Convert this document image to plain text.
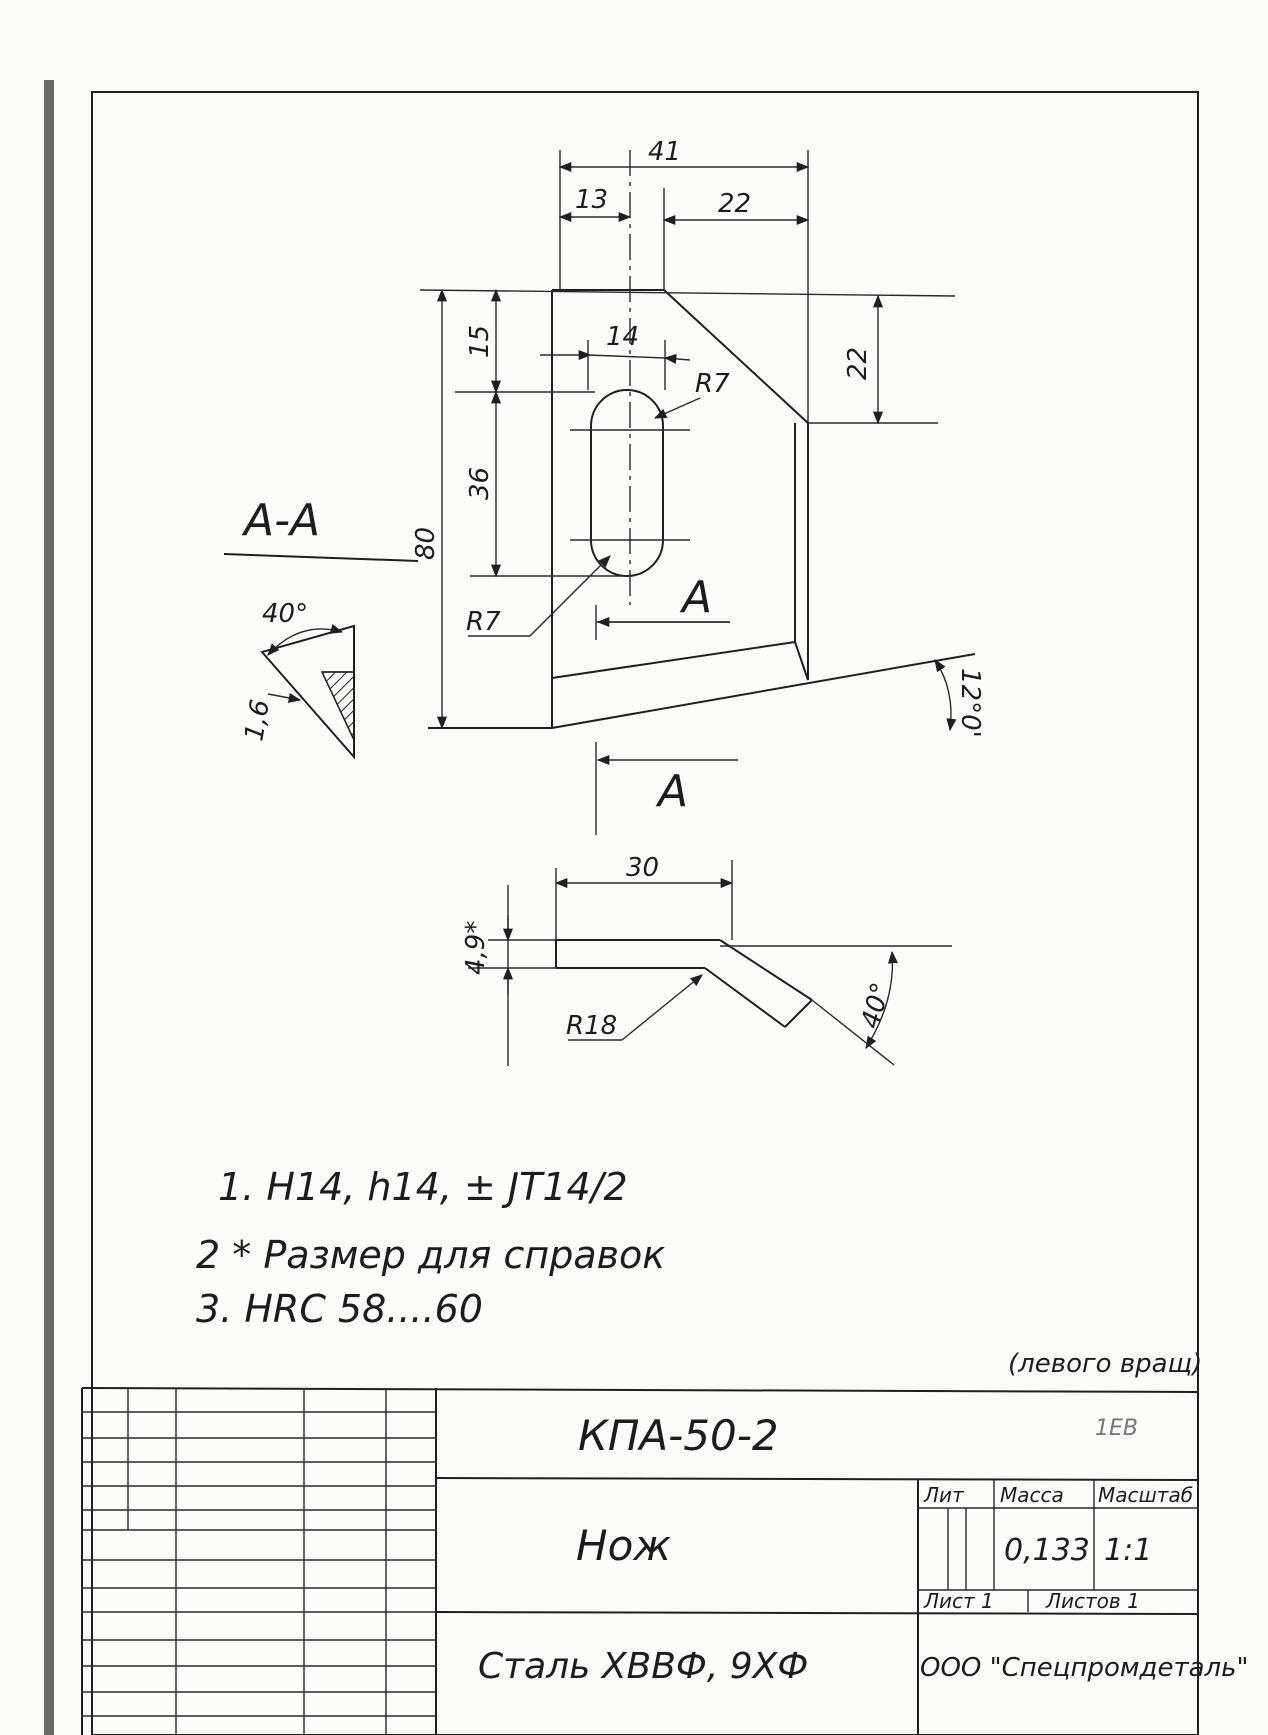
41
13	22
22
14
15
36
80
R7
R7
12°0'
A
A
A-A
40°
1,6
30
4,9*
R18	40°
1. H14, h14, ± JT14/2
2 * Размер для справок
3. HRC 58....60
(левого вращ)
1EB
КПА-50-2
Нож
Сталь ХВВФ, 9ХФ	ООО "Спецпромдеталь"
Лит Масса Масштаб
0,133 1:1
Лист 1	Листов 1
